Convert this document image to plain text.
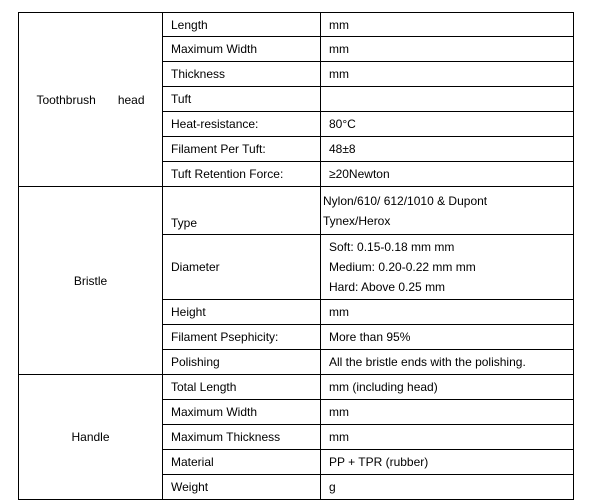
Toothbrush head	Length	mm
	Maximum Width	mm
	Thickness	mm
	Tuft	
	Heat-resistance:	80°C
	Filament Per Tuft:	48±8
	Tuft Retention Force:	≥20Newton
Bristle	Type	Nylon/610/ 612/1010 & Dupont
Tynex/Herox

	Diameter	Soft: 0.15-0.18 mm mm
Medium: 0.20-0.22 mm mm
Hard: Above 0.25 mm

	Height	mm
	Filament Psephicity:	More than 95%
	Polishing	All the bristle ends with the polishing.
Handle	Total Length	mm (including head)
	Maximum Width	mm
	Maximum Thickness	mm
	Material	PP + TPR (rubber)
	Weight	g
